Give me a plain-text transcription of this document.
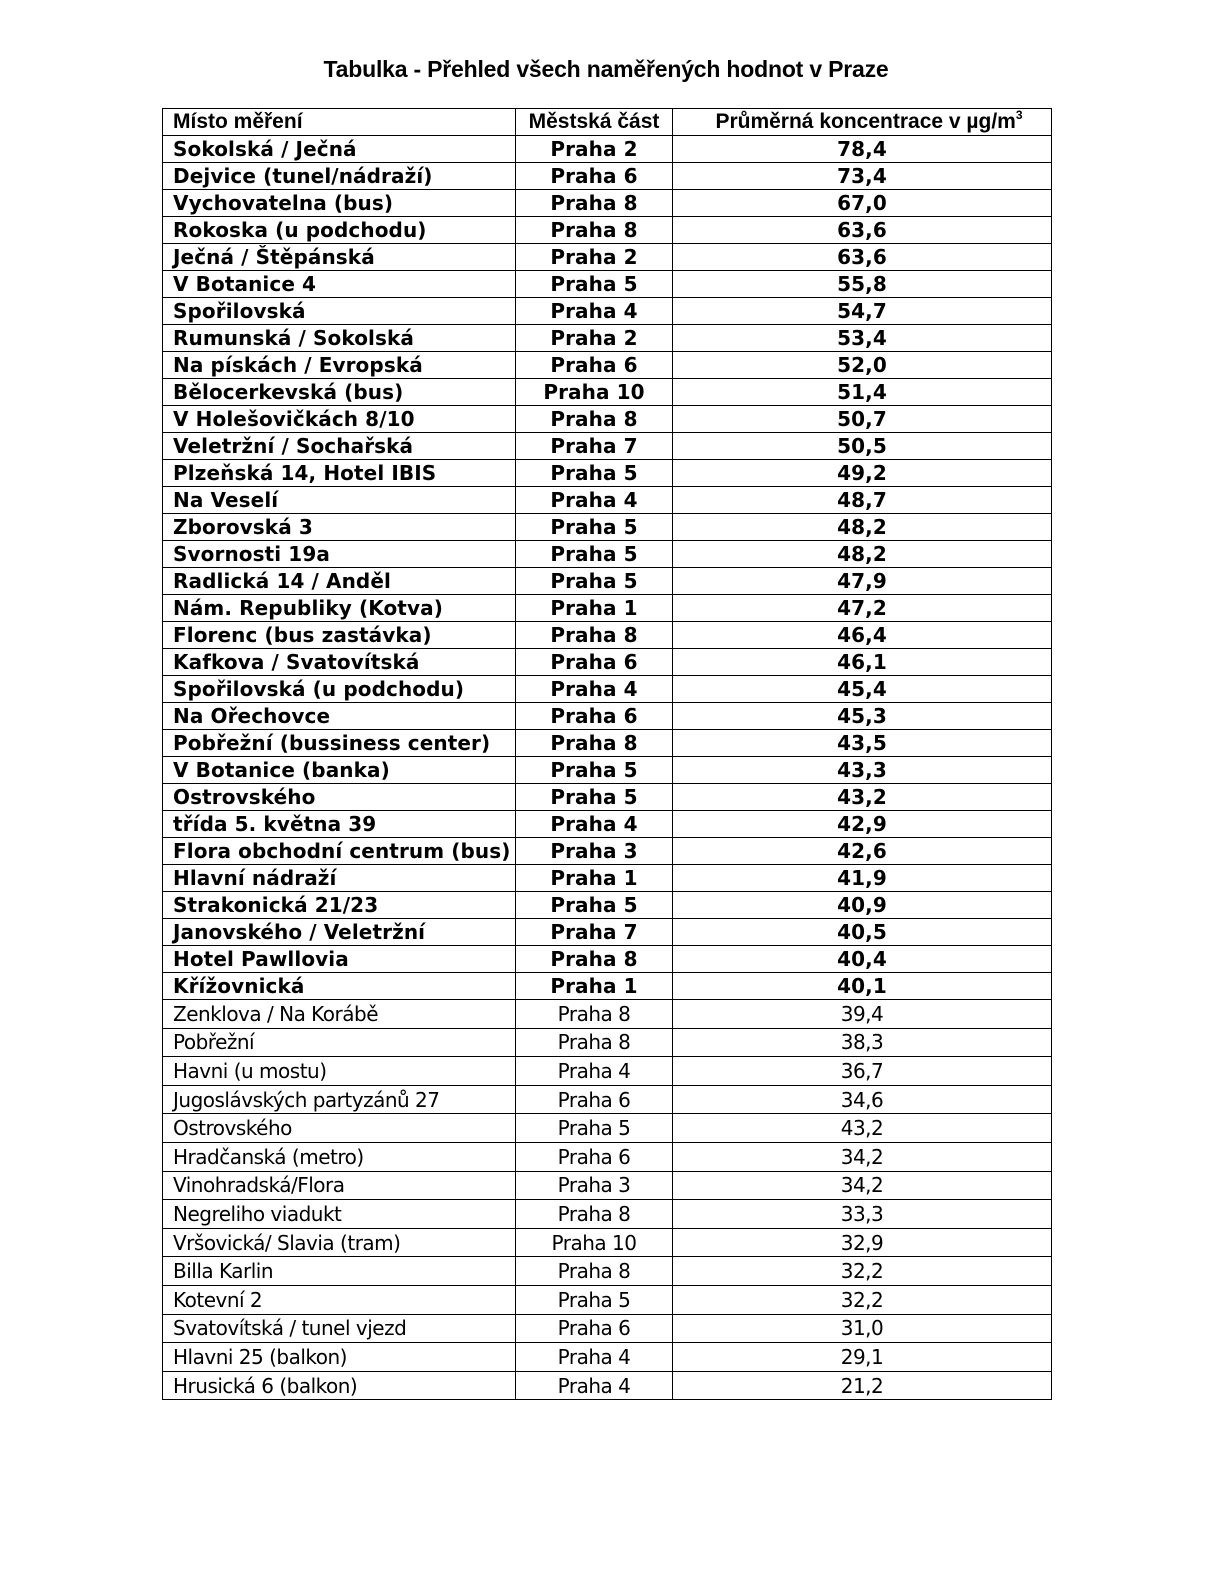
Tabulka - Přehled všech naměřených hodnot v Praze
Místo měření	Městská část	Průměrná koncentrace v $\mu g/m^3$
Sokolská / Ječná	Praha 2	78,4
Dejvice (tunel/nádraží)	Praha 6	73,4
Vychovatelna (bus)	Praha 8	67,0
Rokoska (u podchodu)	Praha 8	63,6
Ječná / Štěpánská	Praha 2	63,6
V Botanice 4	Praha 5	55,8
Spořilovská	Praha 4	54,7
Rumunská / Sokolská	Praha 2	53,4
Na pískách / Evropská	Praha 6	52,0
Bělocerkevská (bus)	Praha 10	51,4
V Holešovičkách 8/10	Praha 8	50,7
Veletržní / Sochařská	Praha 7	50,5
Plzeňská 14, Hotel IBIS	Praha 5	49,2
Na Veselí	Praha 4	48,7
Zborovská 3	Praha 5	48,2
Svornosti 19a	Praha 5	48,2
Radlická 14 / Anděl	Praha 5	47,9
Nám. Republiky (Kotva)	Praha 1	47,2
Florenc (bus zastávka)	Praha 8	46,4
Kafkova / Svatovítská	Praha 6	46,1
Spořilovská (u podchodu)	Praha 4	45,4
Na Ořechovce	Praha 6	45,3
Pobřežní (bussiness center)	Praha 8	43,5
V Botanice (banka)	Praha 5	43,3
Ostrovského	Praha 5	43,2
třída 5. května 39	Praha 4	42,9
Flora obchodní centrum (bus)	Praha 3	42,6
Hlavní nádraží	Praha 1	41,9
Strakonická 21/23	Praha 5	40,9
Janovského / Veletržní	Praha 7	40,5
Hotel Pawllovia	Praha 8	40,4
Křížovnická	Praha 1	40,1
Zenklova / Na Korábě	Praha 8	39,4
Pobřežní	Praha 8	38,3
Havni (u mostu)	Praha 4	36,7
Jugoslávských partyzánů 27	Praha 6	34,6
Ostrovského	Praha 5	43,2
Hradčanská (metro)	Praha 6	34,2
Vinohradská/Flora	Praha 3	34,2
Negreliho viadukt	Praha 8	33,3
Vršovická/ Slavia (tram)	Praha 10	32,9
Billa Karlin	Praha 8	32,2
Kotevní 2	Praha 5	32,2
Svatovítská / tunel vjezd	Praha 6	31,0
Hlavni 25 (balkon)	Praha 4	29,1
Hrusická 6 (balkon)	Praha 4	21,2
